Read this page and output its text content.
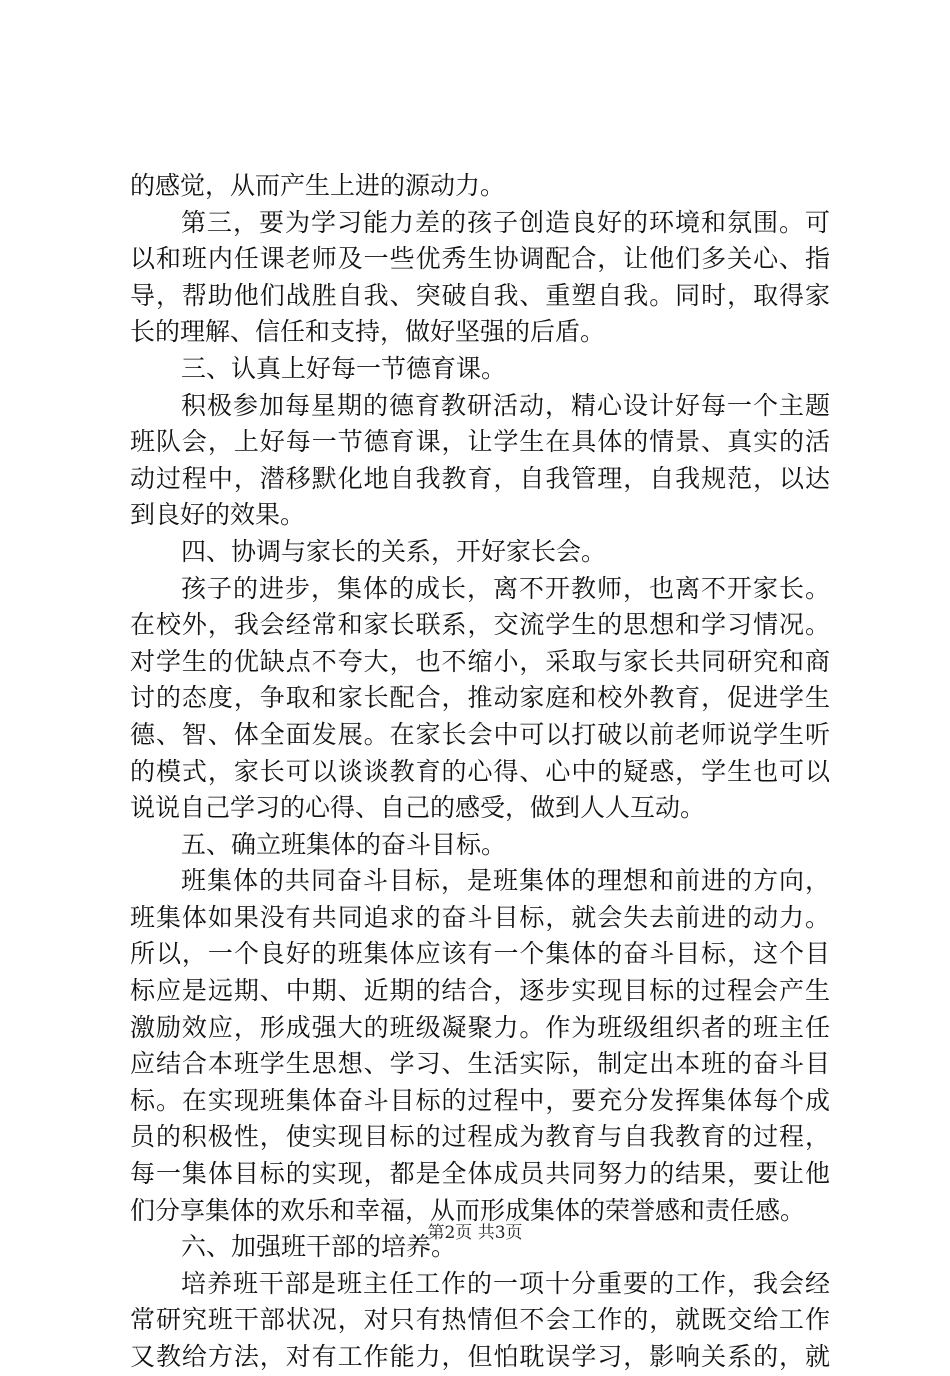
的感觉，从而产生上进的源动力。
第三，要为学习能力差的孩子创造良好的环境和氛围。可
以和班内任课老师及一些优秀生协调配合，让他们多关心、指
导，帮助他们战胜自我、突破自我、重塑自我。同时，取得家
长的理解、信任和支持，做好坚强的后盾。
三、认真上好每一节德育课。
积极参加每星期的德育教研活动，精心设计好每一个主题
班队会，上好每一节德育课，让学生在具体的情景、真实的活
动过程中，潜移默化地自我教育，自我管理，自我规范，以达
到良好的效果。
四、协调与家长的关系，开好家长会。
孩子的进步，集体的成长，离不开教师，也离不开家长。
在校外，我会经常和家长联系，交流学生的思想和学习情况。
对学生的优缺点不夸大，也不缩小，采取与家长共同研究和商
讨的态度，争取和家长配合，推动家庭和校外教育，促进学生
德、智、体全面发展。在家长会中可以打破以前老师说学生听
的模式，家长可以谈谈教育的心得、心中的疑惑，学生也可以
说说自己学习的心得、自己的感受，做到人人互动。
五、确立班集体的奋斗目标。
班集体的共同奋斗目标，是班集体的理想和前进的方向，
班集体如果没有共同追求的奋斗目标，就会失去前进的动力。
所以，一个良好的班集体应该有一个集体的奋斗目标，这个目
标应是远期、中期、近期的结合，逐步实现目标的过程会产生
激励效应，形成强大的班级凝聚力。作为班级组织者的班主任
应结合本班学生思想、学习、生活实际，制定出本班的奋斗目
标。在实现班集体奋斗目标的过程中，要充分发挥集体每个成
员的积极性，使实现目标的过程成为教育与自我教育的过程，
每一集体目标的实现，都是全体成员共同努力的结果，要让他
们分享集体的欢乐和幸福，从而形成集体的荣誉感和责任感。
六、加强班干部的培养。
培养班干部是班主任工作的一项十分重要的工作，我会经
常研究班干部状况，对只有热情但不会工作的，就既交给工作
又教给方法，对有工作能力，但怕耽误学习，影响关系的，就
第2页 共3页
